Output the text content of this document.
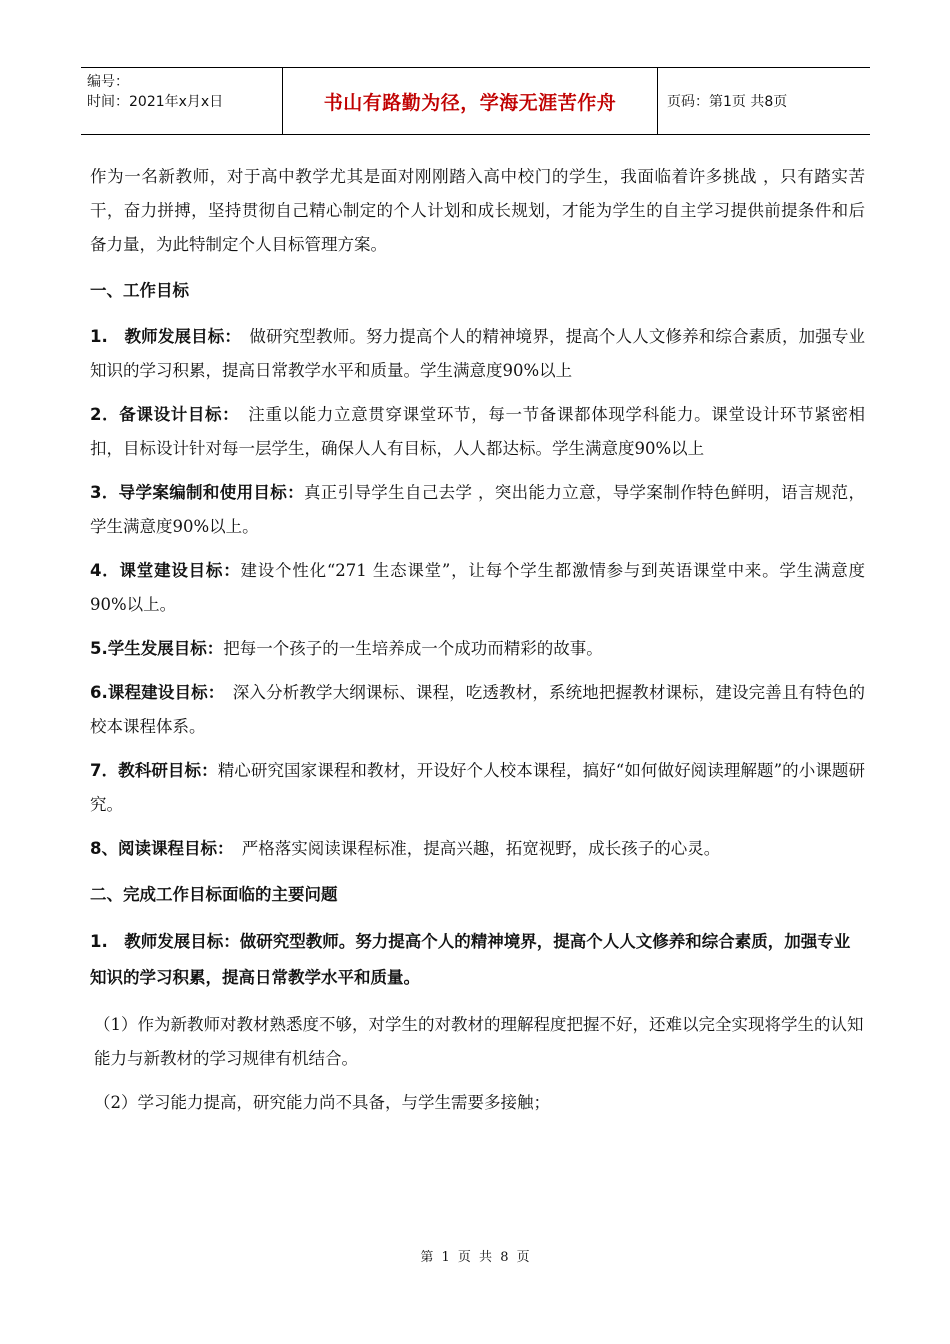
编号：
时间：2021年x月x日	书山有路勤为径，学海无涯苦作舟	页码：第1页 共8页

作为一名新教师，对于高中教学尤其是面对刚刚踏入高中校门的学生，我面临着许多挑战 ，只有踏实苦干，奋力拼搏，坚持贯彻自己精心制定的个人计划和成长规划，才能为学生的自主学习提供前提条件和后备力量，为此特制定个人目标管理方案。

一、工作目标

1.　教师发展目标：　做研究型教师。努力提高个人的精神境界，提高个人人文修养和综合素质，加强专业知识的学习积累，提高日常教学水平和质量。学生满意度90%以上

2．备课设计目标：　注重以能力立意贯穿课堂环节，每一节备课都体现学科能力。课堂设计环节紧密相扣，目标设计针对每一层学生，确保人人有目标，人人都达标。学生满意度90%以上

3．导学案编制和使用目标：真正引导学生自己去学 ，突出能力立意，导学案制作特色鲜明，语言规范，学生满意度90%以上。

4．课堂建设目标：建设个性化“271 生态课堂”，让每个学生都激情参与到英语课堂中来。学生满意度90%以上。

5.学生发展目标：把每一个孩子的一生培养成一个成功而精彩的故事。

6.课程建设目标：　深入分析教学大纲课标、课程，吃透教材，系统地把握教材课标，建设完善且有特色的校本课程体系。

7．教科研目标：精心研究国家课程和教材，开设好个人校本课程，搞好“如何做好阅读理解题”的小课题研究。

8、阅读课程目标：　严格落实阅读课程标准，提高兴趣，拓宽视野，成长孩子的心灵。

二、完成工作目标面临的主要问题

1.　教师发展目标：做研究型教师。努力提高个人的精神境界，提高个人人文修养和综合素质，加强专业知识的学习积累，提高日常教学水平和质量。

（1）作为新教师对教材熟悉度不够，对学生的对教材的理解程度把握不好，还难以完全实现将学生的认知能力与新教材的学习规律有机结合。

（2）学习能力提高，研究能力尚不具备，与学生需要多接触；

第 1 页 共 8 页
